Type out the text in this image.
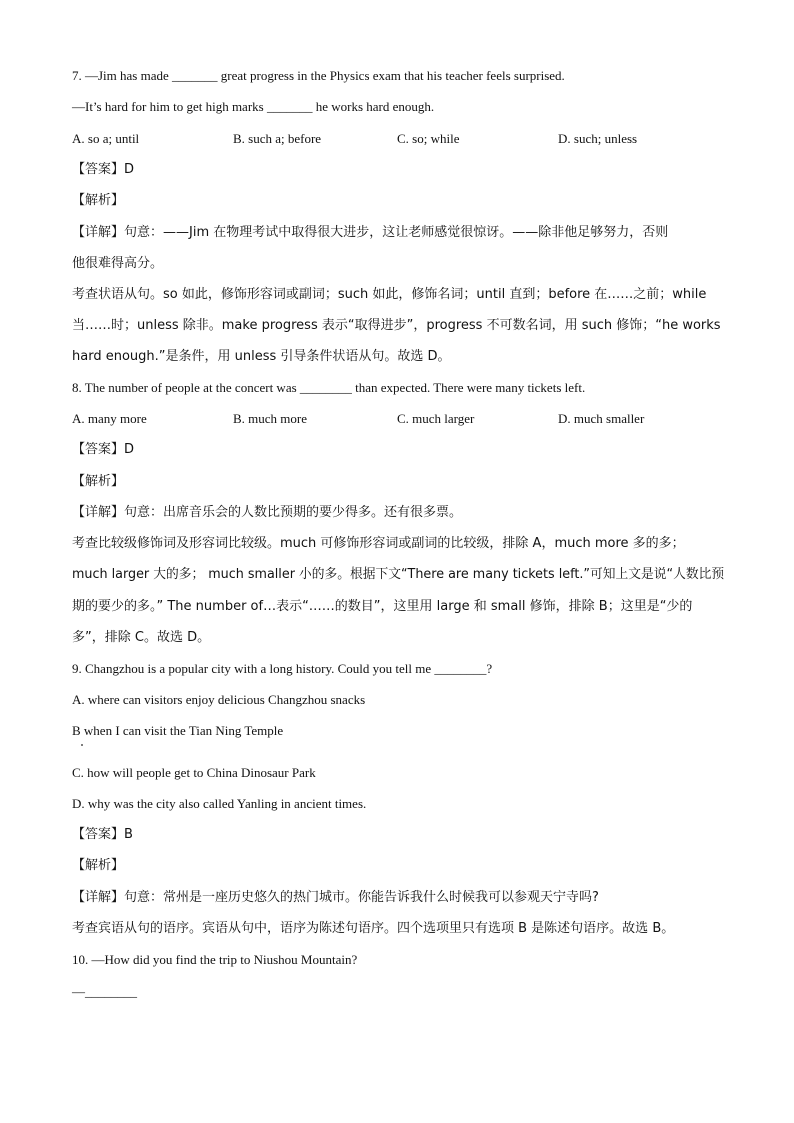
7. —Jim has made _______ great progress in the Physics exam that his teacher feels surprised.
—It’s hard for him to get high marks _______ he works hard enough.
A. so a; until	B. such a; before	C. so; while	D. such; unless
【答案】D
【解析】
【详解】句意：——Jim 在物理考试中取得很大进步，这让老师感觉很惊讶。——除非他足够努力，否则
他很难得高分。
考查状语从句。so 如此，修饰形容词或副词；such 如此，修饰名词；until 直到；before 在……之前；while
当……时；unless 除非。make progress 表示“取得进步”，progress 不可数名词，用 such 修饰；“he works
hard enough.”是条件，用 unless 引导条件状语从句。故选 D。
8. The number of people at the concert was ________ than expected. There were many tickets left.
A. many more	B. much more	C. much larger	D. much smaller
【答案】D
【解析】
【详解】句意：出席音乐会的人数比预期的要少得多。还有很多票。
考查比较级修饰词及形容词比较级。much 可修饰形容词或副词的比较级，排除 A，much more 多的多；
much larger 大的多； much smaller 小的多。根据下文“There are many tickets left.”可知上文是说“人数比预
期的要少的多。” The number of…表示“……的数目”，这里用 large 和 small 修饰，排除 B；这里是“少的
多”，排除 C。故选 D。
9. Changzhou is a popular city with a long history. Could you tell me ________?
A. where can visitors enjoy delicious Changzhou snacks
B when I can visit the Tian Ning Temple
C. how will people get to China Dinosaur Park
D. why was the city also called Yanling in ancient times.
【答案】B
【解析】
【详解】句意：常州是一座历史悠久的热门城市。你能告诉我什么时候我可以参观天宁寺吗?
考查宾语从句的语序。宾语从句中，语序为陈述句语序。四个选项里只有选项 B 是陈述句语序。故选 B。
10. —How did you find the trip to Niushou Mountain?
—________
